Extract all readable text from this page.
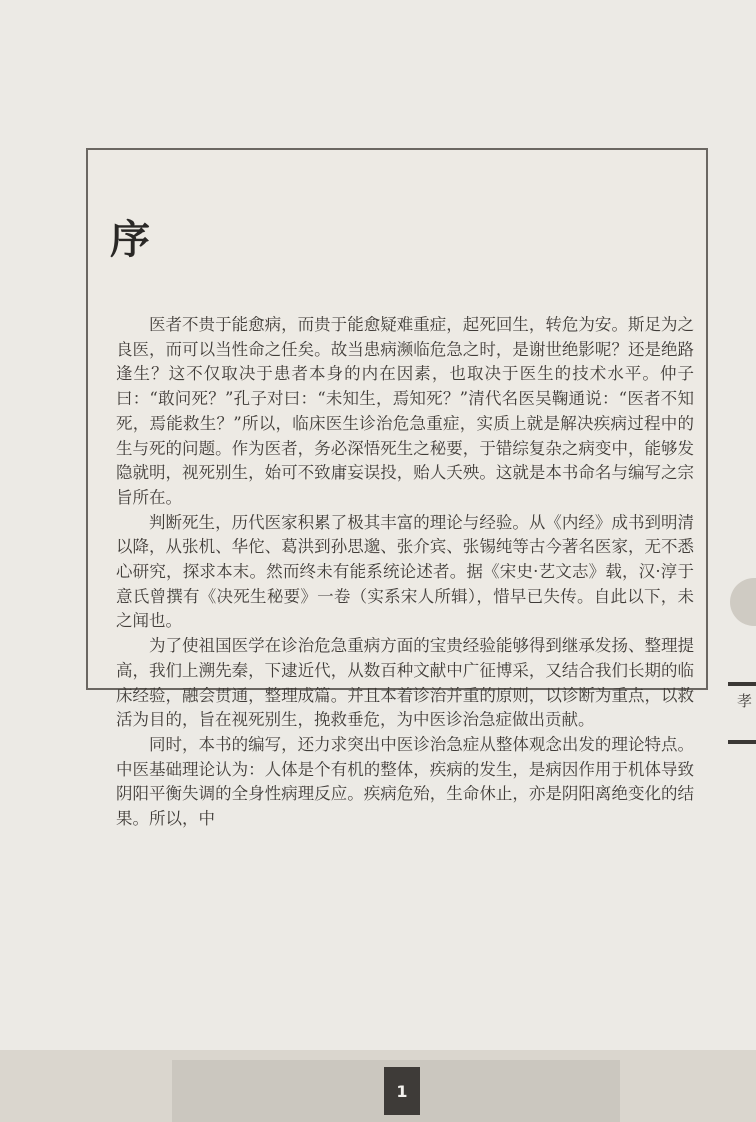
序

医者不贵于能愈病，而贵于能愈疑难重症，起死回生，转危为安。斯足为之良医，而可以当性命之任矣。故当患病濒临危急之时，是谢世绝影呢？还是绝路逢生？这不仅取决于患者本身的内在因素，也取决于医生的技术水平。仲子曰：“敢问死？”孔子对曰：“未知生，焉知死？”清代名医吴鞠通说：“医者不知死，焉能救生？”所以，临床医生诊治危急重症，实质上就是解决疾病过程中的生与死的问题。作为医者，务必深悟死生之秘要，于错综复杂之病变中，能够发隐就明，视死别生，始可不致庸妄误投，贻人夭殃。这就是本书命名与编写之宗旨所在。

判断死生，历代医家积累了极其丰富的理论与经验。从《内经》成书到明清以降，从张机、华佗、葛洪到孙思邈、张介宾、张锡纯等古今著名医家，无不悉心研究，探求本末。然而终未有能系统论述者。据《宋史·艺文志》载，汉·淳于意氏曾撰有《决死生秘要》一卷（实系宋人所辑），惜早已失传。自此以下，未之闻也。

为了使祖国医学在诊治危急重病方面的宝贵经验能够得到继承发扬、整理提高，我们上溯先秦，下逮近代，从数百种文献中广征博采，又结合我们长期的临床经验，融会贯通，整理成篇。并且本着诊治并重的原则，以诊断为重点，以救活为目的，旨在视死别生，挽救垂危，为中医诊治急症做出贡献。

同时，本书的编写，还力求突出中医诊治急症从整体观念出发的理论特点。中医基础理论认为：人体是个有机的整体，疾病的发生，是病因作用于机体导致阴阳平衡失调的全身性病理反应。疾病危殆，生命休止，亦是阴阳离绝变化的结果。所以，中

孝
1
